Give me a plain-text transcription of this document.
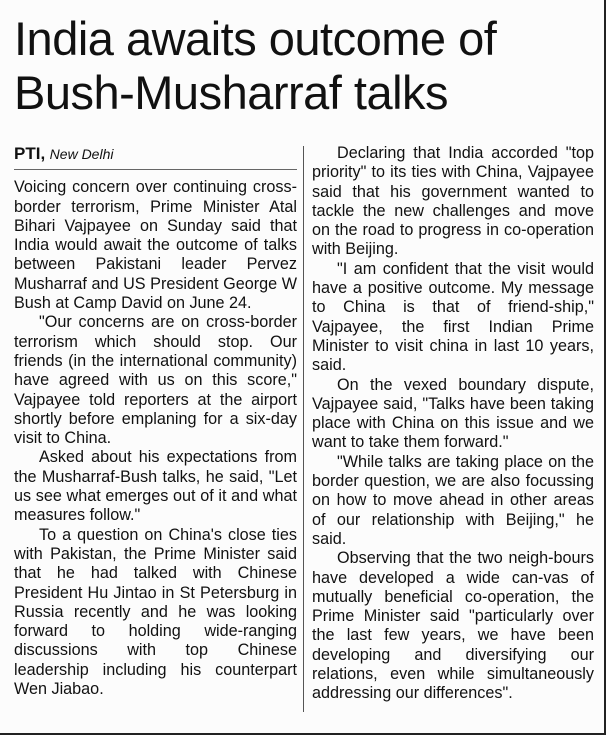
India awaits outcome of
Bush-Musharraf talks
PTI, New Delhi

Voicing concern over continuing cross-border terrorism, Prime Minister Atal Bihari Vajpayee on Sunday said that India would await the outcome of talks between Pakistani leader Pervez Musharraf and US President George W Bush at Camp David on June 24.

"Our concerns are on cross-border terrorism which should stop. Our friends (in the international community) have agreed with us on this score," Vajpayee told reporters at the airport shortly before emplaning for a six-day visit to China.

Asked about his expectations from the Musharraf-Bush talks, he said, "Let us see what emerges out of it and what measures follow."

To a question on China's close ties with Pakistan, the Prime Minister said that he had talked with Chinese President Hu Jintao in St Petersburg in Russia recently and he was looking forward to holding wide-ranging discussions with top Chinese leadership including his counterpart Wen Jiabao.

Declaring that India accorded "top priority" to its ties with China, Vajpayee said that his government wanted to tackle the new challenges and move on the road to progress in co-operation with Beijing.

"I am confident that the visit would have a positive outcome. My message to China is that of friend-ship," Vajpayee, the first Indian Prime Minister to visit china in last 10 years, said.

On the vexed boundary dispute, Vajpayee said, "Talks have been taking place with China on this issue and we want to take them forward."

"While talks are taking place on the border question, we are also focussing on how to move ahead in other areas of our relationship with Beijing," he said.

Observing that the two neigh-bours have developed a wide can-vas of mutually beneficial co-operation, the Prime Minister said "particularly over the last few years, we have been developing and diversifying our relations, even while simultaneously addressing our differences".
